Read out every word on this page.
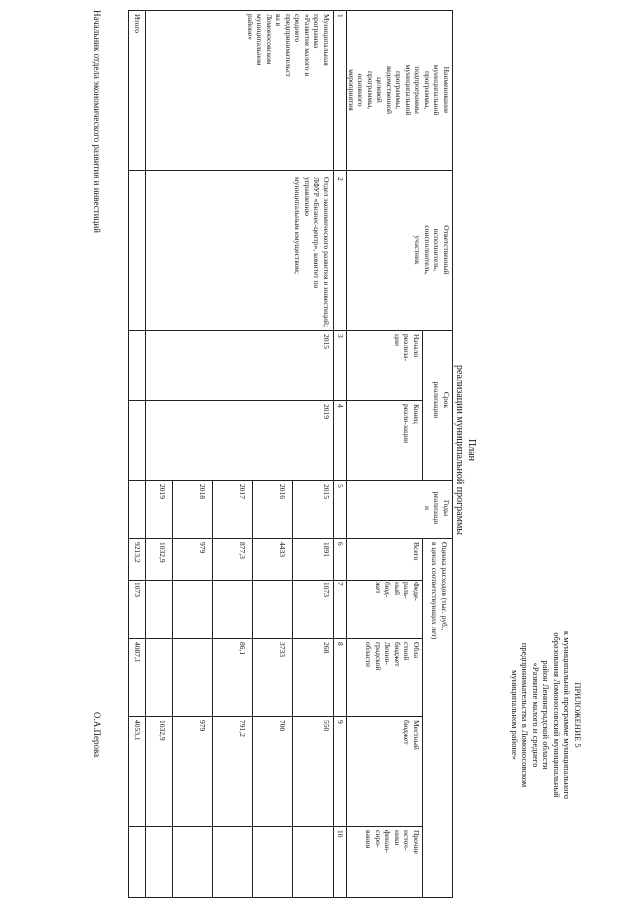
ПРИЛОЖЕНИЕ 5
к муниципальной программе муниципального
образования Ломоносовский муниципальный
район Ленинградской области
«Развитие малого и среднего
предпринимательства в Ломоносовском
муниципальном районе»
План
реализации муниципальной программы
Наименование
муниципальной
программы,
подпрограммы
муниципальной
программы,
ведомственной
целевой
программы,
основного
мероприятия
Ответственный
исполнитель,
соисполнитель,
участник
Срок
реализации
Начало
реализа-
ции
Конец
реали-зации
Годы
реализаци
и
Оценка расходов (тыс. руб.,
в ценах соответствующих лет)
Всего
Феде-
раль-
ный
бюд-
жет
Обла
стной
бюджет
Ленин-
градской
области
Местный
бюджет
Прочие
источ-
ники
финан-
сиро-
вания
1
2
3
4
5
6
7
8
9
10
Муниципальная
программа
«Развитие малого и
среднего
предпринимательст
ва в
Ломоносовском
муниципальном
районе»
Отдел экономического развития и инвестиций;
ЛФУР «Бизнес-центр», комитет по управлению
муниципальным имуществом;
2015
2019
2015
1891
1073
268
550
2016
4433
3733
700
2017
877,3
86,1
791,2
2018
979
979
2019
1032,9
1032,9
Итого
9213,2
1073
4087,1
4053,1
Начальник отдела экономического развития и инвестиций
О.А.Перова
